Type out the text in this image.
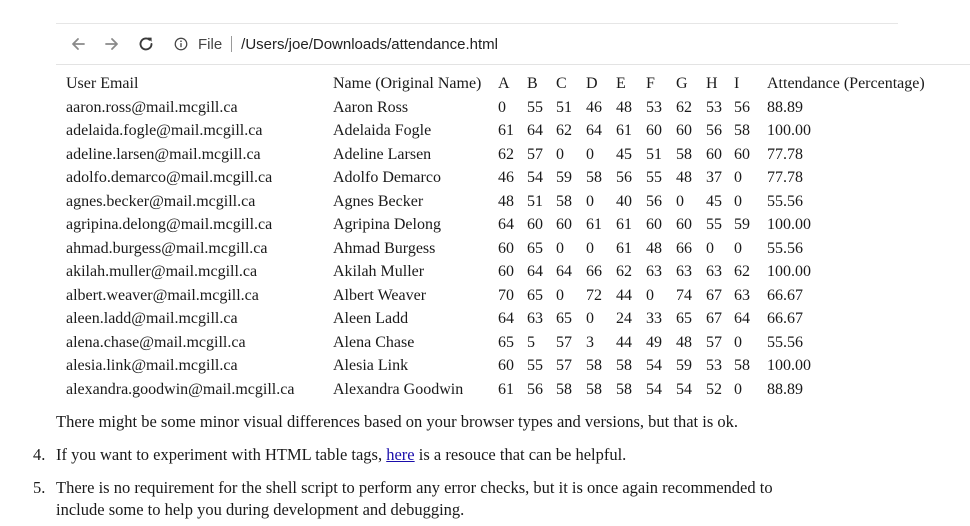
File /Users/joe/Downloads/attendance.html
User Email	Name (Original Name) A B C D E F G H I Attendance (Percentage)
aaron.ross@mail.mcgill.ca	Aaron Ross	0 55 51 46 48 53 62 53 56 88.89
adelaida.fogle@mail.mcgill.ca	Adelaida Fogle	61 64 62 64 61 60 60 56 58 100.00
adeline.larsen@mail.mcgill.ca	Adeline Larsen	62 57 0 0 45 51 58 60 60 77.78
adolfo.demarco@mail.mcgill.ca	Adolfo Demarco	46 54 59 58 56 55 48 37 0 77.78
agnes.becker@mail.mcgill.ca	Agnes Becker	48 51 58 0 40 56 0 45 0 55.56
agripina.delong@mail.mcgill.ca	Agripina Delong	64 60 60 61 61 60 60 55 59 100.00
ahmad.burgess@mail.mcgill.ca	Ahmad Burgess	60 65 0 0 61 48 66 0 0 55.56
akilah.muller@mail.mcgill.ca	Akilah Muller	60 64 64 66 62 63 63 63 62 100.00
albert.weaver@mail.mcgill.ca	Albert Weaver	70 65 0 72 44 0 74 67 63 66.67
aleen.ladd@mail.mcgill.ca	Aleen Ladd	64 63 65 0 24 33 65 67 64 66.67
alena.chase@mail.mcgill.ca	Alena Chase	65 5 57 3 44 49 48 57 0 55.56
alesia.link@mail.mcgill.ca	Alesia Link	60 55 57 58 58 54 59 53 58 100.00
alexandra.goodwin@mail.mcgill.ca Alexandra Goodwin 61 56 58 58 58 54 54 52 0 88.89
There might be some minor visual differences based on your browser types and versions, but that is ok.
4. If you want to experiment with HTML table tags, here is a resouce that can be helpful.
5. There is no requirement for the shell script to perform any error checks, but it is once again recommended to
include some to help you during development and debugging.
